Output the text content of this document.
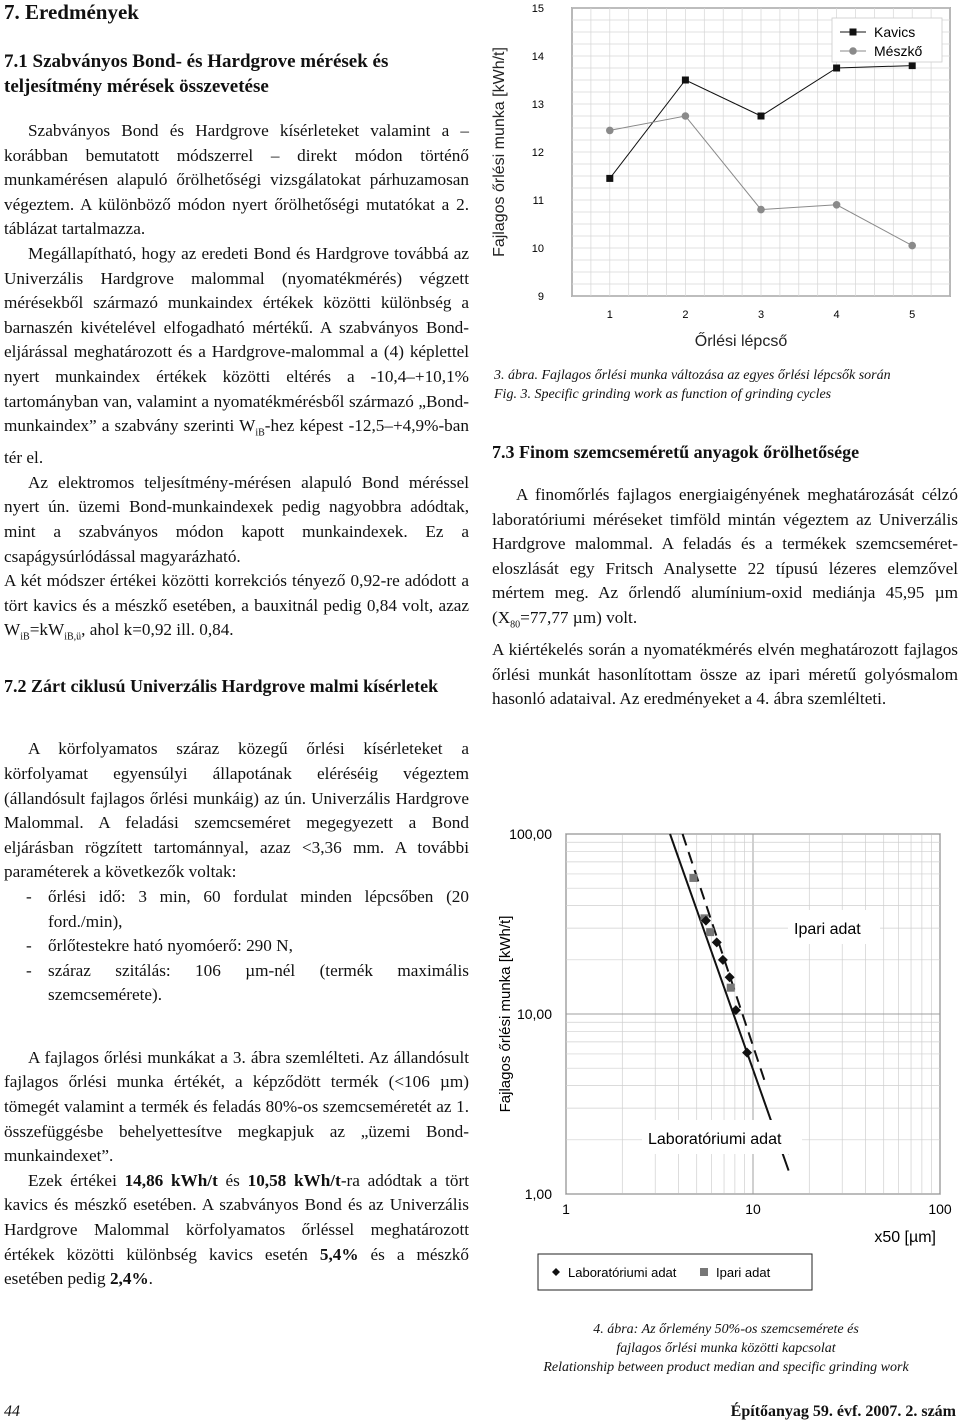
7. Eredmények
7.1 Szabványos Bond- és Hardgrove mérések és teljesítmény mérések összevetése

Szabványos Bond és Hardgrove kísérleteket valamint a – korábban bemutatott módszerrel – direkt módon történő munkamérésen alapuló őrölhetőségi vizsgálatokat párhuzamosan végeztem. A különböző módon nyert őrölhetőségi mutatókat a 2. táblázat tartalmazza.

Megállapítható, hogy az eredeti Bond és Hardgrove továbbá az Univerzális Hardgrove malommal (nyomatékmérés) végzett mérésekből származó munkaindex értékek közötti különbség a barnaszén kivételével elfogadható mértékű. A szabványos Bond-eljárással meghatározott és a Hardgrove-malommal a (4) képlettel nyert munkaindex értékek közötti eltérés a -10,4–+10,1% tartományban van, valamint a nyomatékmérésből származó „Bond-munkaindex” a szabvány szerinti $W_{iB}$-hez képest -12,5–+4,9%-ban tér el.

Az elektromos teljesítmény-mérésen alapuló Bond méréssel nyert ún. üzemi Bond-munkaindexek pedig nagyobbra adódtak, mint a szabványos módon kapott munkaindexek. Ez a csapágysúrlódással magyarázható.

A két módszer értékei közötti korrekciós tényező 0,92-re adódott a tört kavics és a mészkő esetében, a bauxitnál pedig 0,84 volt, azaz $W_{iB}=kW_{iB,ü}$, ahol k=0,92 ill. 0,84.

7.2 Zárt ciklusú Univerzális Hardgrove malmi kísérletek

A körfolyamatos száraz közegű őrlési kísérleteket a körfolyamat egyensúlyi állapotának eléréséig végeztem (állandósult fajlagos őrlési munkáig) az ún. Univerzális Hardgrove Malommal. A feladási szemcseméret megegyezett a Bond eljárásban rögzített tartománnyal, azaz <3,36 mm. A további paraméterek a következők voltak:

- őrlési idő: 3 min, 60 fordulat minden lépcsőben (20 ford./min),
- őrlőtestekre ható nyomóerő: 290 N,
- száraz szitálás: 106 µm-nél (termék maximális szemcsemérete).

A fajlagos őrlési munkákat a 3. ábra szemlélteti. Az állandósult fajlagos őrlési munka értékét, a képződött termék (<106 µm) tömegét valamint a termék és feladás 80%-os szemcseméretét az 1. összefüggésbe behelyettesítve megkapjuk az „üzemi Bond-munkaindexet”.

Ezek értékei 14,86 kWh/t és 10,58 kWh/t-ra adódtak a tört kavics és mészkő esetében. A szabványos Bond és az Univerzális Hardgrove Malommal körfolyamatos őrléssel meghatározott értékek közötti különbség kavics esetén 5,4% és a mészkő esetében pedig 2,4%.

9
10
11
12
13
14
15
1	2	3	4	5
Őrlési lépcső
Fajlagos őrlési munka [kWh/t]
Kavics
Mészkő
3. ábra. Fajlagos őrlési munka változása az egyes őrlési lépcsők során
Fig. 3. Specific grinding work as function of grinding cycles
7.3 Finom szemcseméretű anyagok őrölhetősége

A finomőrlés fajlagos energiaigényének meghatározását célzó laboratóriumi méréseket timföld mintán végeztem az Univerzális Hardgrove malommal. A feladás és a termékek szemcseméret-eloszlását egy Fritsch Analysette 22 típusú lézeres elemzővel mértem meg. Az őrlendő alumínium-oxid mediánja 45,95 µm ($X_{80}=77,77$ µm) volt.

A kiértékelés során a nyomatékmérés elvén meghatározott fajlagos őrlési munkát hasonlítottam össze az ipari méretű golyósmalom hasonló adataival. Az eredményeket a 4. ábra szemlélteti.

1	10	100
1,00
10,00
100,00
x50 [µm]
Fajlagos őrlési munka [kWh/t]	Ipari adat
Laboratóriumi adat
Laboratóriumi adat	Ipari adat
4. ábra: Az őrlemény 50%-os szemcsemérete és
fajlagos őrlési munka közötti kapcsolat
Relationship between product median and specific grinding work
44	Építőanyag 59. évf. 2007. 2. szám
